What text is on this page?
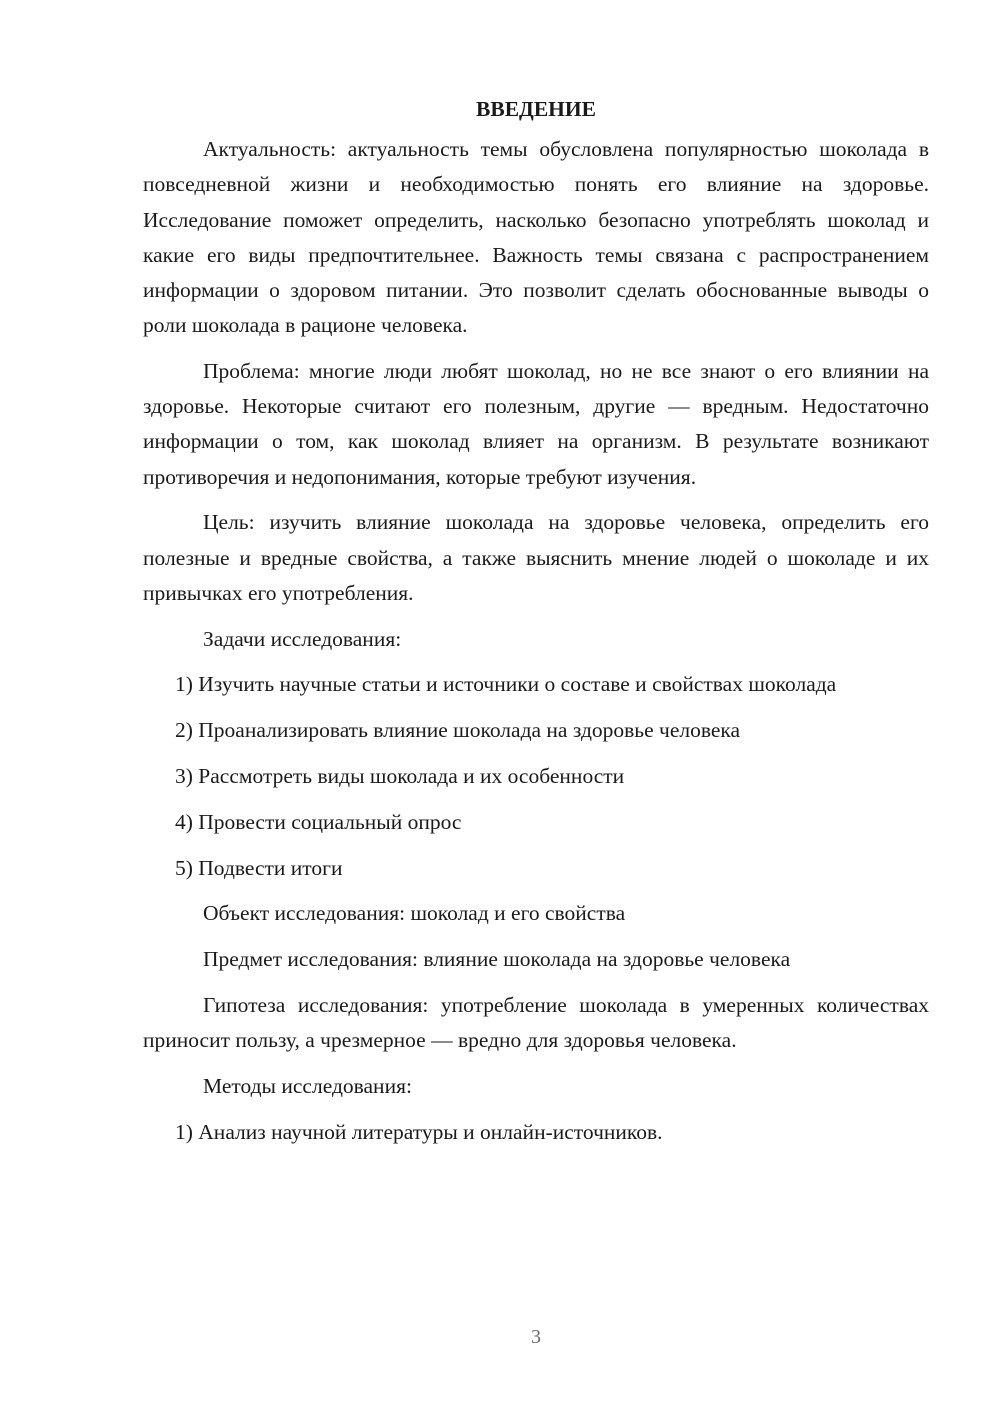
ВВЕДЕНИЕ
Актуальность: актуальность темы обусловлена популярностью шоколада в повседневной жизни и необходимостью понять его влияние на здоровье. Исследование поможет определить, насколько безопасно употреблять шоколад и какие его виды предпочтительнее. Важность темы связана с распространением информации о здоровом питании. Это позволит сделать обоснованные выводы о роли шоколада в рационе человека.
Проблема: многие люди любят шоколад, но не все знают о его влиянии на здоровье. Некоторые считают его полезным, другие — вредным. Недостаточно информации о том, как шоколад влияет на организм. В результате возникают противоречия и недопонимания, которые требуют изучения.
Цель: изучить влияние шоколада на здоровье человека, определить его полезные и вредные свойства, а также выяснить мнение людей о шоколаде и их привычках его употребления.
Задачи исследования:
1) Изучить научные статьи и источники о составе и свойствах шоколада
2) Проанализировать влияние шоколада на здоровье человека
3) Рассмотреть виды шоколада и их особенности
4) Провести социальный опрос
5) Подвести итоги
Объект исследования: шоколад и его свойства
Предмет исследования: влияние шоколада на здоровье человека
Гипотеза исследования: употребление шоколада в умеренных количествах приносит пользу, а чрезмерное — вредно для здоровья человека.
Методы исследования:
1) Анализ научной литературы и онлайн-источников.
3
